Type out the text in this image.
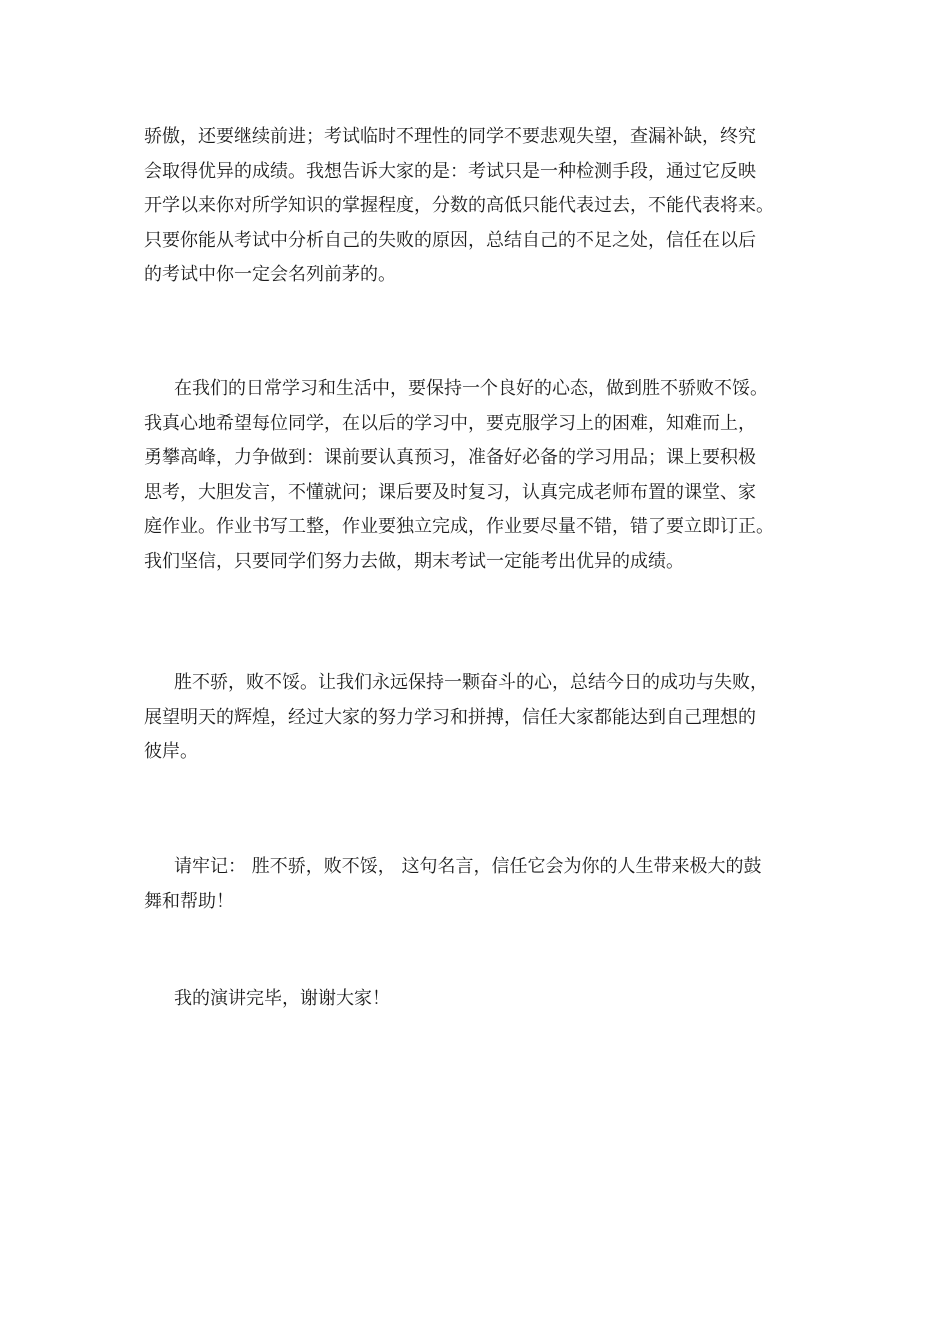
骄傲，还要继续前进；考试临时不理性的同学不要悲观失望，查漏补缺，终究
会取得优异的成绩。我想告诉大家的是：考试只是一种检测手段，通过它反映
开学以来你对所学知识的掌握程度，分数的高低只能代表过去，不能代表将来。
只要你能从考试中分析自己的失败的原因，总结自己的不足之处，信任在以后
的考试中你一定会名列前茅的。
在我们的日常学习和生活中，要保持一个良好的心态，做到胜不骄败不馁。
我真心地希望每位同学，在以后的学习中，要克服学习上的困难，知难而上，
勇攀高峰，力争做到：课前要认真预习，准备好必备的学习用品；课上要积极
思考，大胆发言，不懂就问；课后要及时复习，认真完成老师布置的课堂、家
庭作业。作业书写工整，作业要独立完成，作业要尽量不错，错了要立即订正。
我们坚信，只要同学们努力去做，期末考试一定能考出优异的成绩。
胜不骄，败不馁。让我们永远保持一颗奋斗的心，总结今日的成功与失败，
展望明天的辉煌，经过大家的努力学习和拼搏，信任大家都能达到自己理想的
彼岸。
请牢记： 胜不骄，败不馁， 这句名言，信任它会为你的人生带来极大的鼓
舞和帮助！
我的演讲完毕，谢谢大家！
